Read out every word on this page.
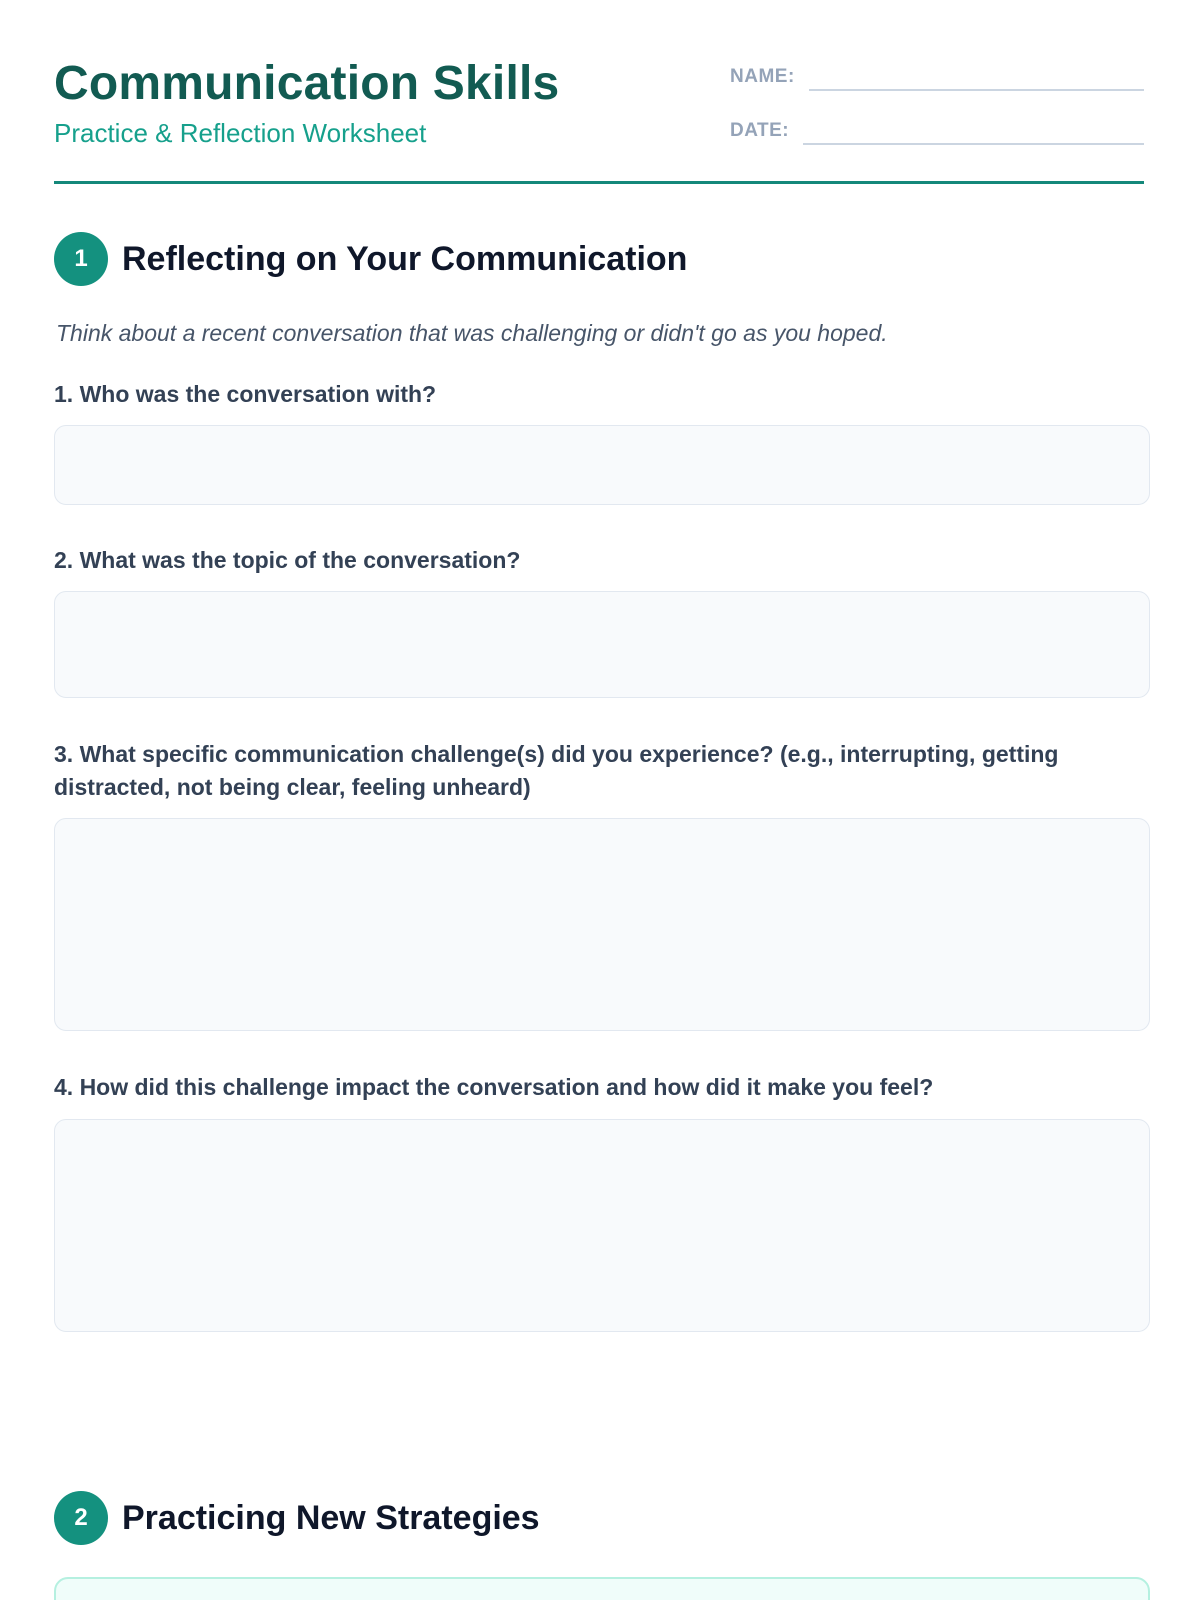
Communication Skills
Practice & Reflection Worksheet
NAME:
DATE:
1	Reflecting on Your Communication
Think about a recent conversation that was challenging or didn't go as you hoped.
1. Who was the conversation with?
2. What was the topic of the conversation?
3. What specific communication challenge(s) did you experience? (e.g., interrupting, getting distracted, not being clear, feeling unheard)
4. How did this challenge impact the conversation and how did it make you feel?
2	Practicing New Strategies
